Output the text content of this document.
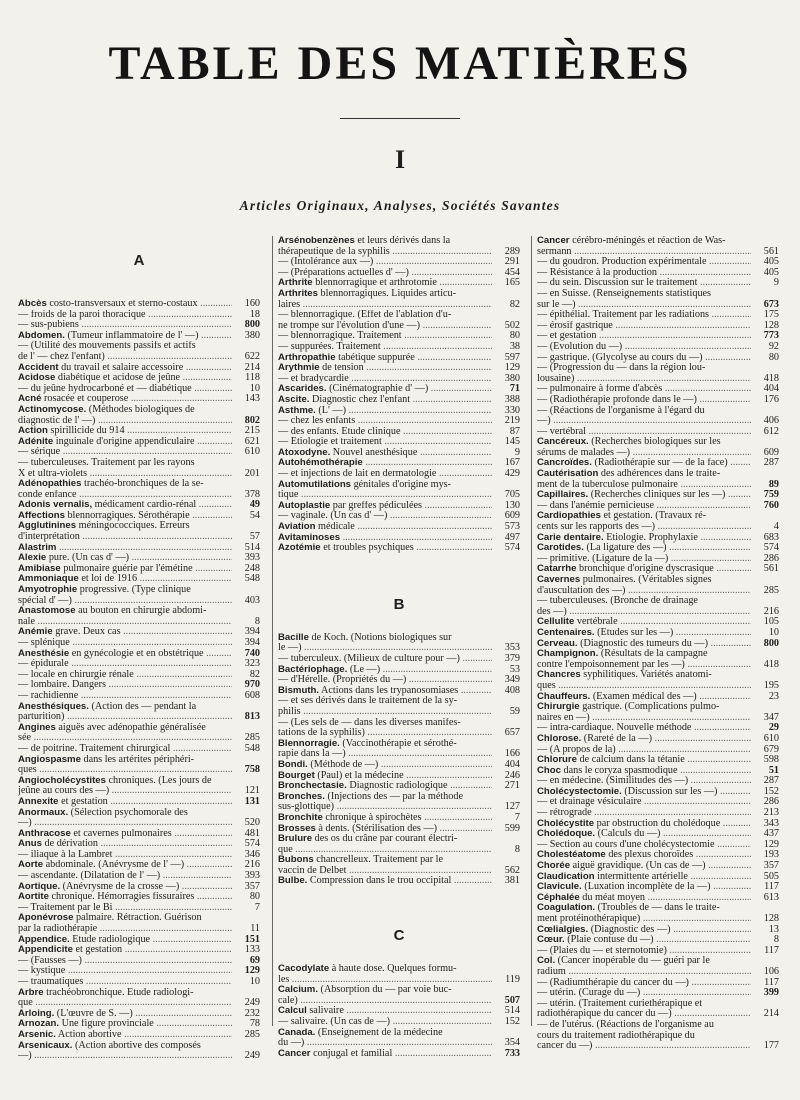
TABLE DES MATIÈRES
I
Articles Originaux, Analyses, Sociétés Savantes
A
Abcès costo-transversaux et sterno-costaux .....	160
— froids de la paroi thoracique .....	18
— sus-pubiens .....	800
Abdomen. (Tumeur inflammatoire de l' —) .....	380
— (Utilité des mouvements passifs et actifs
de l' — chez l'enfant) .....	622
Accident du travail et salaire accessoire .....	214
Acidose diabétique et acidose de jeûne .....	118
— du jeûne hydrocarboné et — diabétique .....	10
Acné rosacée et couperose .....	143
Actinomycose. (Méthodes biologiques de
diagnostic de l' —) .....	802
Action spirillicide du 914 .....	215
Adénite inguinale d'origine appendiculaire .....	621
— sérique .....	610
— tuberculeuses. Traitement par les rayons
X et ultra-violets .....	201
Adénopathies trachéo-bronchiques de la se-
conde enfance .....	378
Adonis vernalis, médicament cardio-rénal .....	49
Affections blennorragiques. Sérothérapie .....	54
Agglutinines méningococciques. Erreurs
d'interprétation .....	57
Alastrim .....	514
Alexie pure. (Un cas d' —) .....	393
Amibiase pulmonaire guérie par l'émétine .....	248
Ammoniaque et loi de 1916 .....	548
Amyotrophie progressive. (Type clinique
spécial d' —) .....	403
Anastomose au bouton en chirurgie abdomi-
nale .....	8
Anémie grave. Deux cas .....	394
— splénique .....	394
Anesthésie en gynécologie et en obstétrique .....	740
— épidurale .....	323
— locale en chirurgie rénale .....	82
— lombaire. Dangers .....	970
— rachidienne .....	608
Anesthésiques. (Action des — pendant la
parturition) .....	813
Angines aiguës avec adénopathie généralisée
sée .....	285
— de poitrine. Traitement chirurgical .....	548
Angiospasme dans les artérites périphéri-
ques .....	758
Angiocholécystites chroniques. (Les jours de
jeûne au cours des —) .....	121
Annexite et gestation .....	131
Anormaux. (Sélection psychomorale des
—) .....	520
Anthracose et cavernes pulmonaires .....	481
Anus de dérivation .....	574
— iliaque à la Lambret .....	346
Aorte abdominale. (Anévrysme de l' —) .....	216
— ascendante. (Dilatation de l' —) .....	393
Aortique. (Anévrysme de la crosse —) .....	357
Aortite chronique. Hémorragies fissuraires .....	80
— Traitement par le Bi .....	7
Aponévrose palmaire. Rétraction. Guérison
par la radiothérapie .....	11
Appendice. Étude radiologique .....	151
Appendicite et gestation .....	133
— (Fausses —) .....	69
— kystique .....	129
— traumatiques .....	10
Arbre trachéobronchique. Étude radiologi-
que .....	249
Arloing. (L'œuvre de S. —) .....	232
Arnozan. Une figure provinciale .....	78
Arsenic. Action abortive .....	285
Arsenicaux. (Action abortive des composés
—) .....	249
Arsénobenzènes et leurs dérivés dans la
thérapeutique de la syphilis .....	289
— (Intolérance aux —) .....	291
— (Préparations actuelles d' —) .....	454
Arthrite blennorragique et arthrotomie .....	165
Arthrites blennorragiques. Liquides articu-
laires .....	82
— blennorragique. (Effet de l'ablation d'u-
ne trompe sur l'évolution d'une —) .....	502
— blennorragique. Traitement .....	80
— suppurées. Traitement .....	38
Arthropathie tabétique suppurée .....	597
Arythmie de tension .....	129
— et bradycardie .....	380
Ascarides. (Cinématographie d' —) .....	71
Ascite. Diagnostic chez l'enfant .....	388
Asthme. (L' —) .....	330
— chez les enfants .....	219
— des enfants. Étude clinique .....	87
— Étiologie et traitement .....	145
Atoxodyne. Nouvel anesthésique .....	9
Autohémothérapie .....	167
— et injections de lait en dermatologie .....	429
Automutilations génitales d'origine mys-
tique .....	705
Autoplastie par greffes pédiculées .....	130
— vaginale. (Un cas d' —) .....	609
Aviation médicale .....	573
Avitaminoses .....	497
Azotémie et troubles psychiques .....	574
B
Bacille de Koch. (Notions biologiques sur
le —) .....	353
— tuberculeux. (Milieux de culture pour —) .....	379
Bactériophage. (Le —) .....	53
— d'Hérelle. (Propriétés du —) .....	349
Bismuth. Actions dans les trypanosomiases .....	408
— et ses dérivés dans le traitement de la sy-
philis .....	59
— (Les sels de — dans les diverses manifes-
tations de la syphilis) .....	657
Blennorragie. (Vaccinothérapie et sérothé-
rapie dans la —) .....	166
Bondi. (Méthode de —) .....	404
Bourget (Paul) et la médecine .....	246
Bronchectasie. Diagnostic radiologique .....	271
Bronches. (Injections des — par la méthode
sus-glottique) .....	127
Bronchite chronique à spirochètes .....	7
Brosses à dents. (Stérilisation des —) .....	599
Brulure des os du crâne par courant électri-
que .....	8
Bubons chancrelleux. Traitement par le
vaccin de Delbet .....	562
Bulbe. Compression dans le trou occipital .....	381
C
Cacodylate à haute dose. Quelques formu-
les .....	119
Calcium. (Absorption du — par voie buc-
cale) .....	507
Calcul salivaire .....	514
— salivaire. (Un cas de —) .....	152
Canada. (Enseignement de la médecine
du —) .....	354
Cancer conjugal et familial .....	733
Cancer cérébro-méningés et réaction de Was-
sermann .....	561
— du goudron. Production expérimentale .....	405
— Résistance à la production .....	405
— du sein. Discussion sur le traitement .....	9
— en Suisse. (Renseignements statistiques
sur le —) .....	673
— épithélial. Traitement par les radiations .....	175
— érosif gastrique .....	128
— et gestation .....	773
— (Évolution du —) .....	92
— gastrique. (Glycolyse au cours du —) .....	80
— (Progression du — dans la région lou-
lousaine) .....	418
— pulmonaire à forme d'abcès .....	404
— (Radiothérapie profonde dans le —) .....	176
— (Réactions de l'organisme à l'égard du
—) .....	406
— vertébral .....	612
Cancéreux. (Recherches biologiques sur les
sérums de malades —) .....	609
Cancroïdes. (Radiothérapie sur — de la face) .....	287
Cautérisation des adhérences dans le traite-
ment de la tuberculose pulmonaire .....	89
Capillaires. (Recherches cliniques sur les —) .....	759
— dans l'anémie pernicieuse .....	760
Cardiopathies et gestation. (Travaux ré-
cents sur les rapports des —) .....	4
Carie dentaire. Étiologie. Prophylaxie .....	683
Carotides. (La ligature des —) .....	574
— primitive. (Ligature de la —) .....	286
Catarrhe bronchique d'origine dyscrasique .....	561
Cavernes pulmonaires. (Véritables signes
d'auscultation des —) .....	285
— tuberculeuses. (Bronche de drainage
des —) .....	216
Cellulite vertébrale .....	105
Centenaires. (Études sur les —) .....	10
Cerveau. (Diagnostic des tumeurs du —) .....	800
Champignon. (Résultats de la campagne
contre l'empoisonnement par les —) .....	418
Chancres syphilitiques. Variétés anatomi-
ques .....	195
Chauffeurs. (Examen médical des —) .....	23
Chirurgie gastrique. (Complications pulmo-
naires en —) .....	347
— intra-cardiaque. Nouvelle méthode .....	29
Chlorose. (Rareté de la —) .....	610
— (A propos de la) .....	679
Chlorure de calcium dans la tétanie .....	598
Choc dans le coryza spasmodique .....	51
— en médecine. (Similitudes des —) .....	287
Cholécystectomie. (Discussion sur les —) .....	152
— et drainage vésiculaire .....	286
— rétrograde .....	213
Cholécystite par obstruction du cholédoque .....	343
Cholédoque. (Calculs du —) .....	437
— Section au cours d'une cholécystectomie .....	129
Cholestéatome des plexus choroïdes .....	193
Chorée aiguë gravidique. (Un cas de —) .....	357
Claudication intermittente artérielle .....	505
Clavicule. (Luxation incomplète de la —) .....	117
Céphalée du méat moyen .....	613
Coagulation. (Troubles de — dans le traite-
ment protéinothérapique) .....	128
Cœlialgies. (Diagnostic des —) .....	13
Cœur. (Plaie contuse du —) .....	8
— (Plaies du — et sternotomie) .....	117
Col. (Cancer inopérable du — guéri par le
radium .....	106
— (Radiumthérapie du cancer du —) .....	117
— utérin. (Curage du —) .....	399
— utérin. (Traitement curiethérapique et
radiothérapique du cancer du —) .....	214
— de l'utérus. (Réactions de l'organisme au
cours du traitement radiothérapique du
cancer du —) .....	177
